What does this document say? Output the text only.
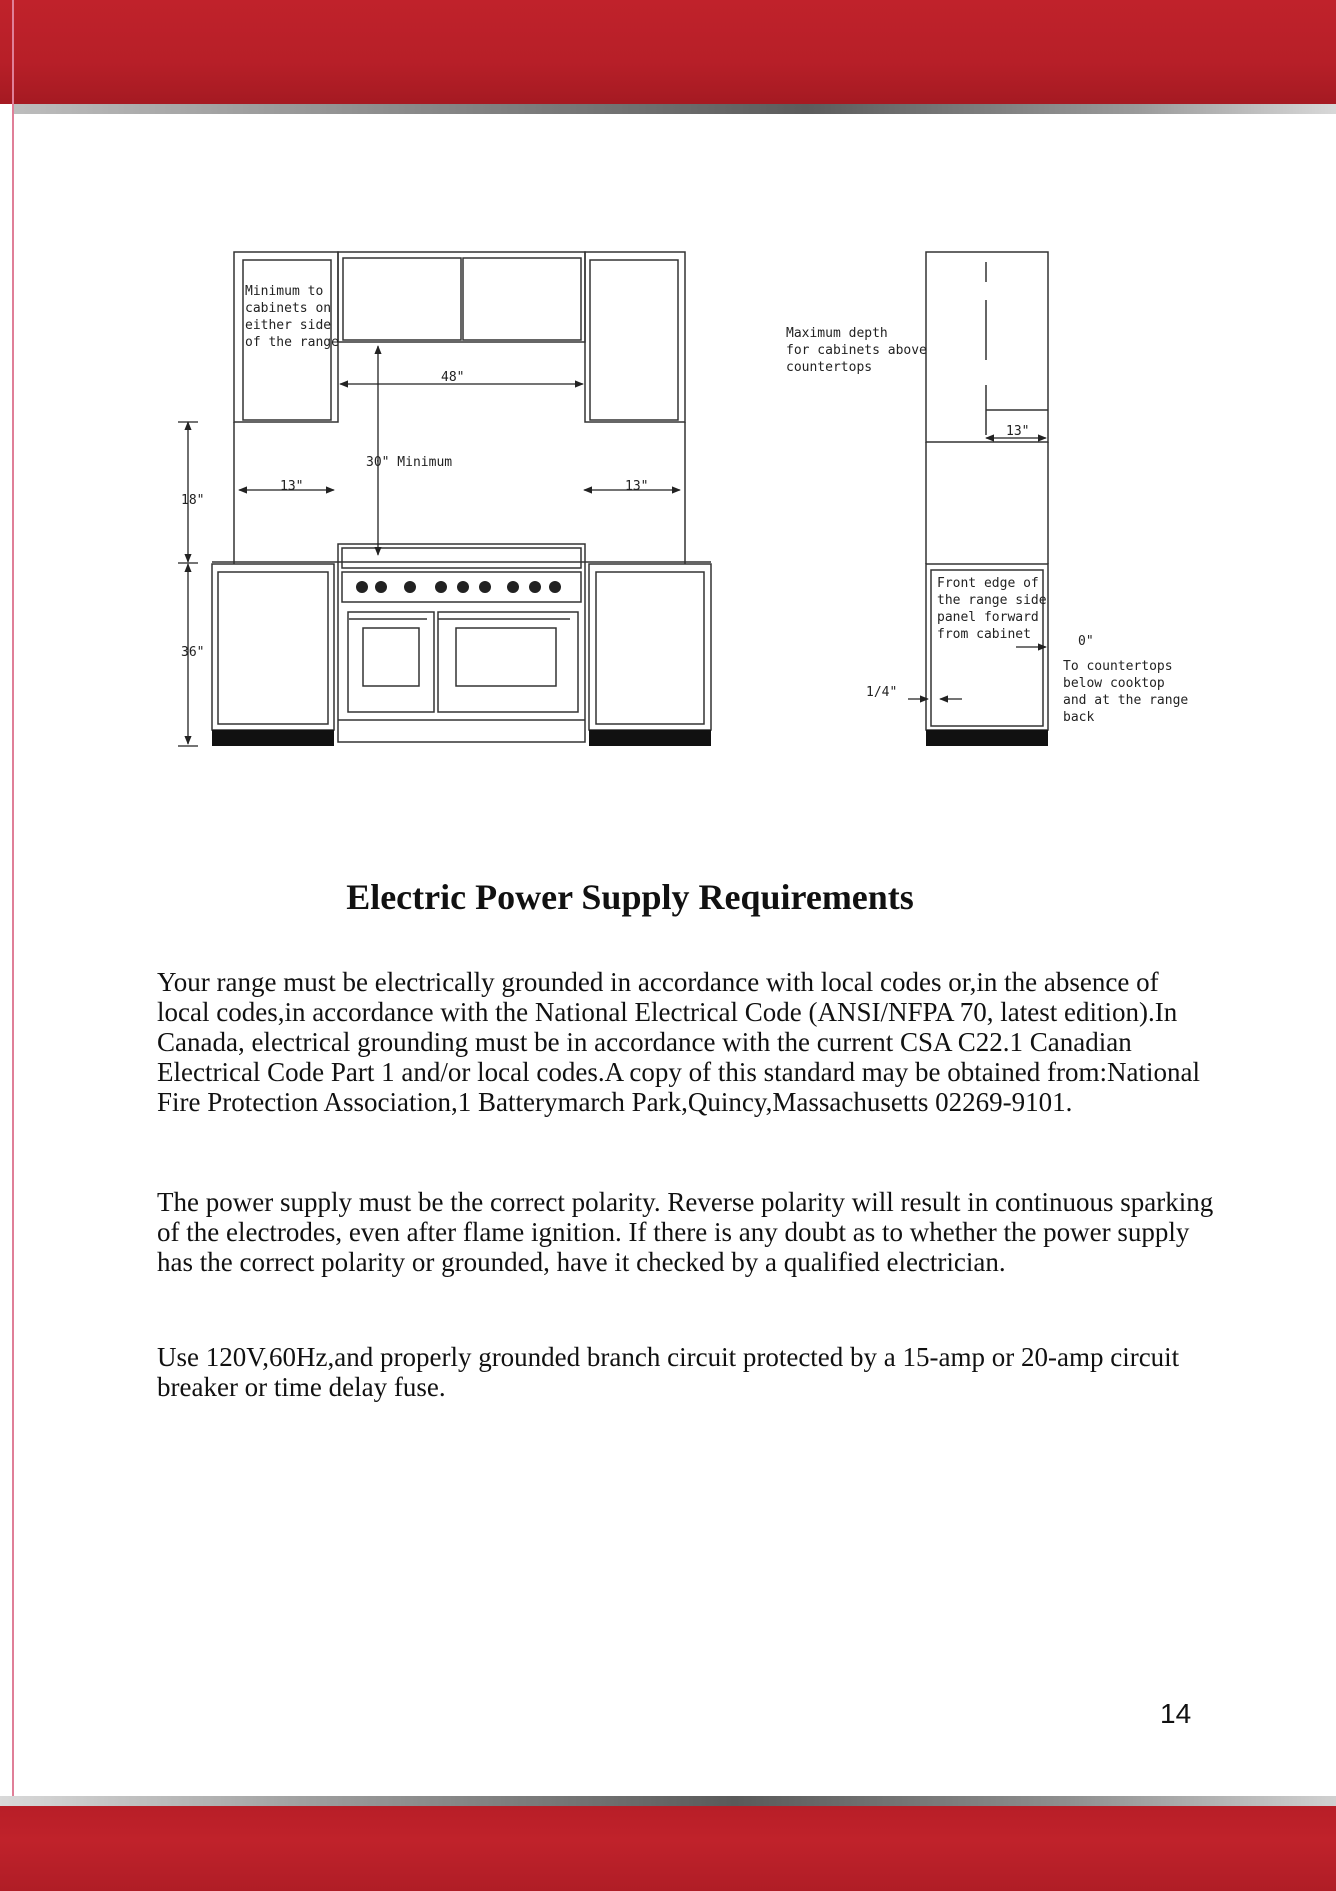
Minimum to
cabinets on
either side
of the range
48"
30" Minimum
13"	13"
18"
36"
Maximum depth
for cabinets above
countertops
13"
Front edge of
the range side
panel forward
from cabinet	0"
1/4"
To countertops
below cooktop
and at the range
back
Electric Power Supply Requirements

Your range must be electrically grounded in accordance with local codes or,in the absence of local codes,in accordance with the National Electrical Code (ANSI/NFPA 70, latest edition).In Canada, electrical grounding must be in accordance with the current CSA C22.1 Canadian Electrical Code Part 1 and/or local codes.A copy of this standard may be obtained from:National Fire Protection Association,1 Batterymarch Park,Quincy,Massachusetts 02269-9101.

The power supply must be the correct polarity. Reverse polarity will result in continuous sparking of the electrodes, even after flame ignition. If there is any doubt as to whether the power supply has the correct polarity or grounded, have it checked by a qualified electrician.

Use 120V,60Hz,and properly grounded branch circuit protected by a 15-amp or 20-amp circuit breaker or time delay fuse.

14
